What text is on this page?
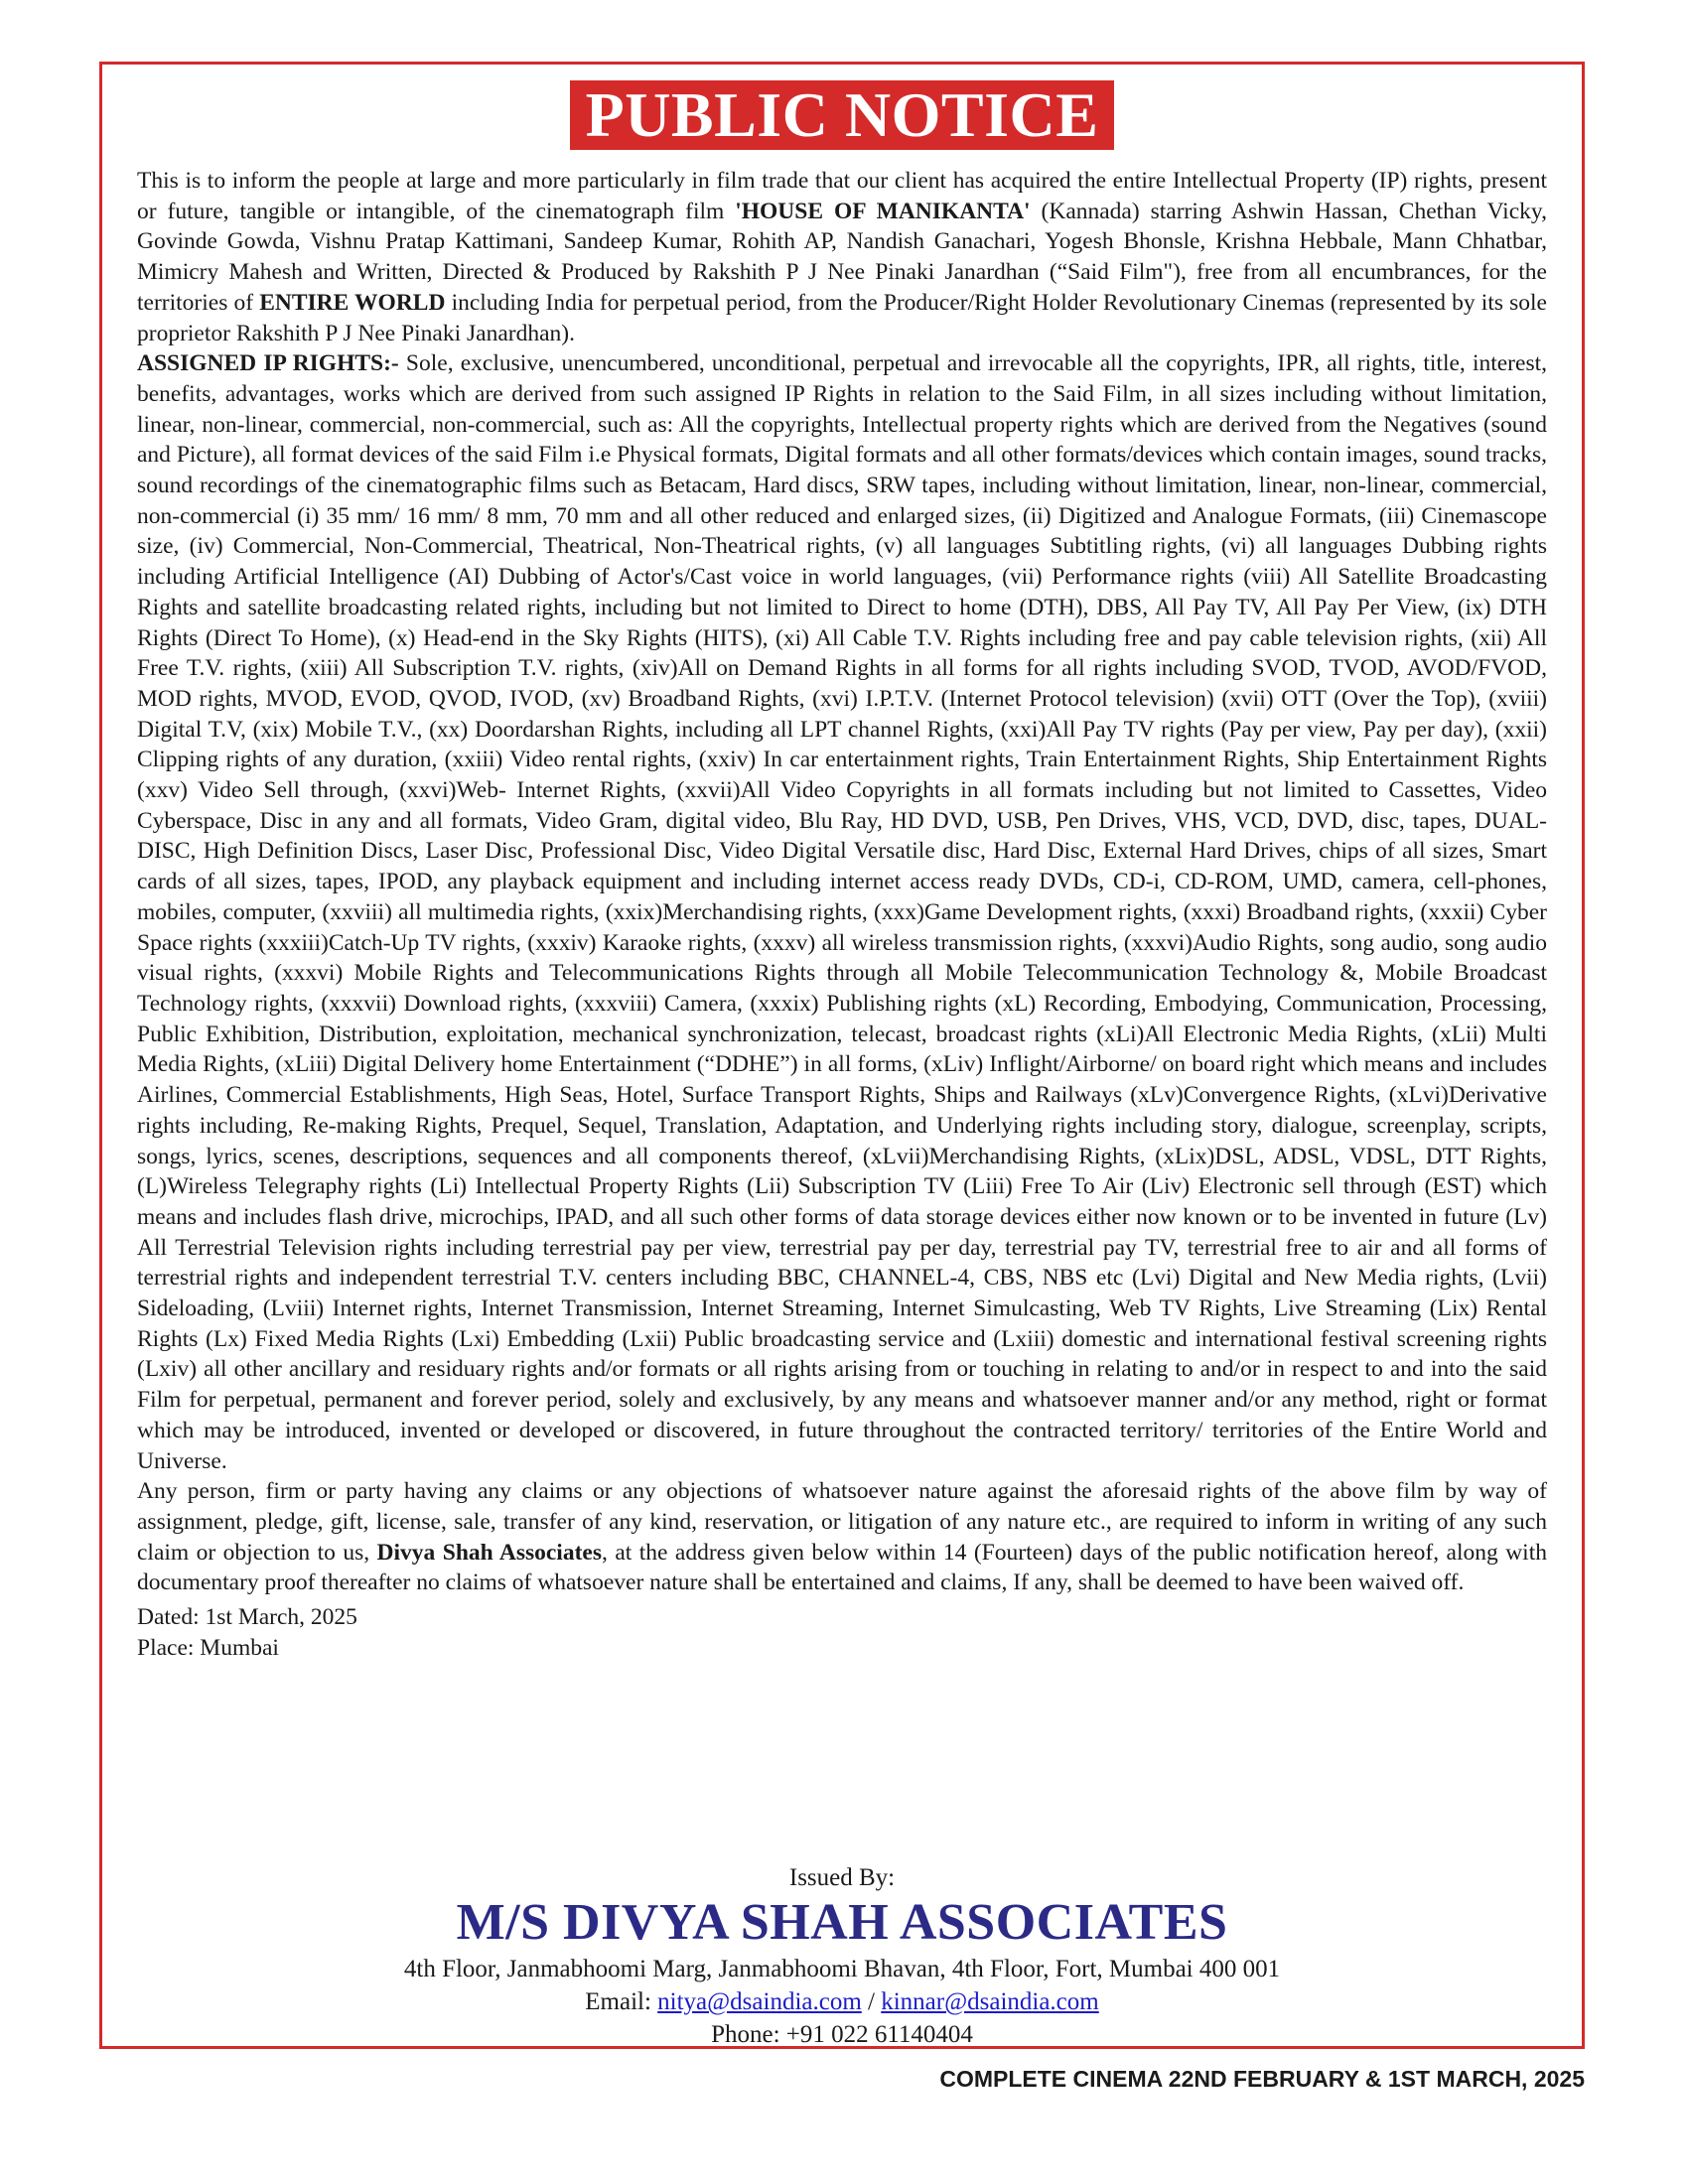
PUBLIC NOTICE

This is to inform the people at large and more particularly in film trade that our client has acquired the entire Intellectual Property (IP) rights, present or future, tangible or intangible, of the cinematograph film 'HOUSE OF MANIKANTA' (Kannada) starring Ashwin Hassan, Chethan Vicky, Govinde Gowda, Vishnu Pratap Kattimani, Sandeep Kumar, Rohith AP, Nandish Ganachari, Yogesh Bhonsle, Krishna Hebbale, Mann Chhatbar, Mimicry Mahesh and Written, Directed & Produced by Rakshith P J Nee Pinaki Janardhan (“Said Film"), free from all encumbrances, for the territories of ENTIRE WORLD including India for perpetual period, from the Producer/Right Holder Revolutionary Cinemas (represented by its sole proprietor Rakshith P J Nee Pinaki Janardhan).

ASSIGNED IP RIGHTS:- Sole, exclusive, unencumbered, unconditional, perpetual and irrevocable all the copyrights, IPR, all rights, title, interest, benefits, advantages, works which are derived from such assigned IP Rights in relation to the Said Film, in all sizes including without limitation, linear, non-linear, commercial, non-commercial, such as: All the copyrights, Intellectual property rights which are derived from the Negatives (sound and Picture), all format devices of the said Film i.e Physical formats, Digital formats and all other formats/devices which contain images, sound tracks, sound recordings of the cinematographic films such as Betacam, Hard discs, SRW tapes, including without limitation, linear, non-linear, commercial, non-commercial (i) 35 mm/ 16 mm/ 8 mm, 70 mm and all other reduced and enlarged sizes, (ii) Digitized and Analogue Formats, (iii) Cinemascope size, (iv) Commercial, Non-Commercial, Theatrical, Non-Theatrical rights, (v) all languages Subtitling rights, (vi) all languages Dubbing rights including Artificial Intelligence (AI) Dubbing of Actor's/Cast voice in world languages, (vii) Performance rights (viii) All Satellite Broadcasting Rights and satellite broadcasting related rights, including but not limited to Direct to home (DTH), DBS, All Pay TV, All Pay Per View, (ix) DTH Rights (Direct To Home), (x) Head-end in the Sky Rights (HITS), (xi) All Cable T.V. Rights including free and pay cable television rights, (xii) All Free T.V. rights, (xiii) All Subscription T.V. rights, (xiv)All on Demand Rights in all forms for all rights including SVOD, TVOD, AVOD/FVOD, MOD rights, MVOD, EVOD, QVOD, IVOD, (xv) Broadband Rights, (xvi) I.P.T.V. (Internet Protocol television) (xvii) OTT (Over the Top), (xviii) Digital T.V, (xix) Mobile T.V., (xx) Doordarshan Rights, including all LPT channel Rights, (xxi)All Pay TV rights (Pay per view, Pay per day), (xxii) Clipping rights of any duration, (xxiii) Video rental rights, (xxiv) In car entertainment rights, Train Entertainment Rights, Ship Entertainment Rights (xxv) Video Sell through, (xxvi)Web- Internet Rights, (xxvii)All Video Copyrights in all formats including but not limited to Cassettes, Video Cyberspace, Disc in any and all formats, Video Gram, digital video, Blu Ray, HD DVD, USB, Pen Drives, VHS, VCD, DVD, disc, tapes, DUAL-DISC, High Definition Discs, Laser Disc, Professional Disc, Video Digital Versatile disc, Hard Disc, External Hard Drives, chips of all sizes, Smart cards of all sizes, tapes, IPOD, any playback equipment and including internet access ready DVDs, CD-i, CD-ROM, UMD, camera, cell-phones, mobiles, computer, (xxviii) all multimedia rights, (xxix)Merchandising rights, (xxx)Game Development rights, (xxxi) Broadband rights, (xxxii) Cyber Space rights (xxxiii)Catch-Up TV rights, (xxxiv) Karaoke rights, (xxxv) all wireless transmission rights, (xxxvi)Audio Rights, song audio, song audio visual rights, (xxxvi) Mobile Rights and Telecommunications Rights through all Mobile Telecommunication Technology &, Mobile Broadcast Technology rights, (xxxvii) Download rights, (xxxviii) Camera, (xxxix) Publishing rights (xL) Recording, Embodying, Communication, Processing, Public Exhibition, Distribution, exploitation, mechanical synchronization, telecast, broadcast rights (xLi)All Electronic Media Rights, (xLii) Multi Media Rights, (xLiii) Digital Delivery home Entertainment (“DDHE”) in all forms, (xLiv) Inflight/Airborne/ on board right which means and includes Airlines, Commercial Establishments, High Seas, Hotel, Surface Transport Rights, Ships and Railways (xLv)Convergence Rights, (xLvi)Derivative rights including, Re-making Rights, Prequel, Sequel, Translation, Adaptation, and Underlying rights including story, dialogue, screenplay, scripts, songs, lyrics, scenes, descriptions, sequences and all components thereof, (xLvii)Merchandising Rights, (xLix)DSL, ADSL, VDSL, DTT Rights, (L)Wireless Telegraphy rights (Li) Intellectual Property Rights (Lii) Subscription TV (Liii) Free To Air (Liv) Electronic sell through (EST) which means and includes flash drive, microchips, IPAD, and all such other forms of data storage devices either now known or to be invented in future (Lv) All Terrestrial Television rights including terrestrial pay per view, terrestrial pay per day, terrestrial pay TV, terrestrial free to air and all forms of terrestrial rights and independent terrestrial T.V. centers including BBC, CHANNEL-4, CBS, NBS etc (Lvi) Digital and New Media rights, (Lvii) Sideloading, (Lviii) Internet rights, Internet Transmission, Internet Streaming, Internet Simulcasting, Web TV Rights, Live Streaming (Lix) Rental Rights (Lx) Fixed Media Rights (Lxi) Embedding (Lxii) Public broadcasting service and (Lxiii) domestic and international festival screening rights (Lxiv) all other ancillary and residuary rights and/or formats or all rights arising from or touching in relating to and/or in respect to and into the said Film for perpetual, permanent and forever period, solely and exclusively, by any means and whatsoever manner and/or any method, right or format which may be introduced, invented or developed or discovered, in future throughout the contracted territory/ territories of the Entire World and Universe.

Any person, firm or party having any claims or any objections of whatsoever nature against the aforesaid rights of the above film by way of assignment, pledge, gift, license, sale, transfer of any kind, reservation, or litigation of any nature etc., are required to inform in writing of any such claim or objection to us, Divya Shah Associates, at the address given below within 14 (Fourteen) days of the public notification hereof, along with documentary proof thereafter no claims of whatsoever nature shall be entertained and claims, If any, shall be deemed to have been waived off.

Dated: 1st March, 2025

Place: Mumbai

Issued By:
M/S DIVYA SHAH ASSOCIATES
4th Floor, Janmabhoomi Marg, Janmabhoomi Bhavan, 4th Floor, Fort, Mumbai 400 001
Email: nitya@dsaindia.com / kinnar@dsaindia.com
Phone: +91 022 61140404
COMPLETE CINEMA 22ND FEBRUARY & 1ST MARCH, 2025
